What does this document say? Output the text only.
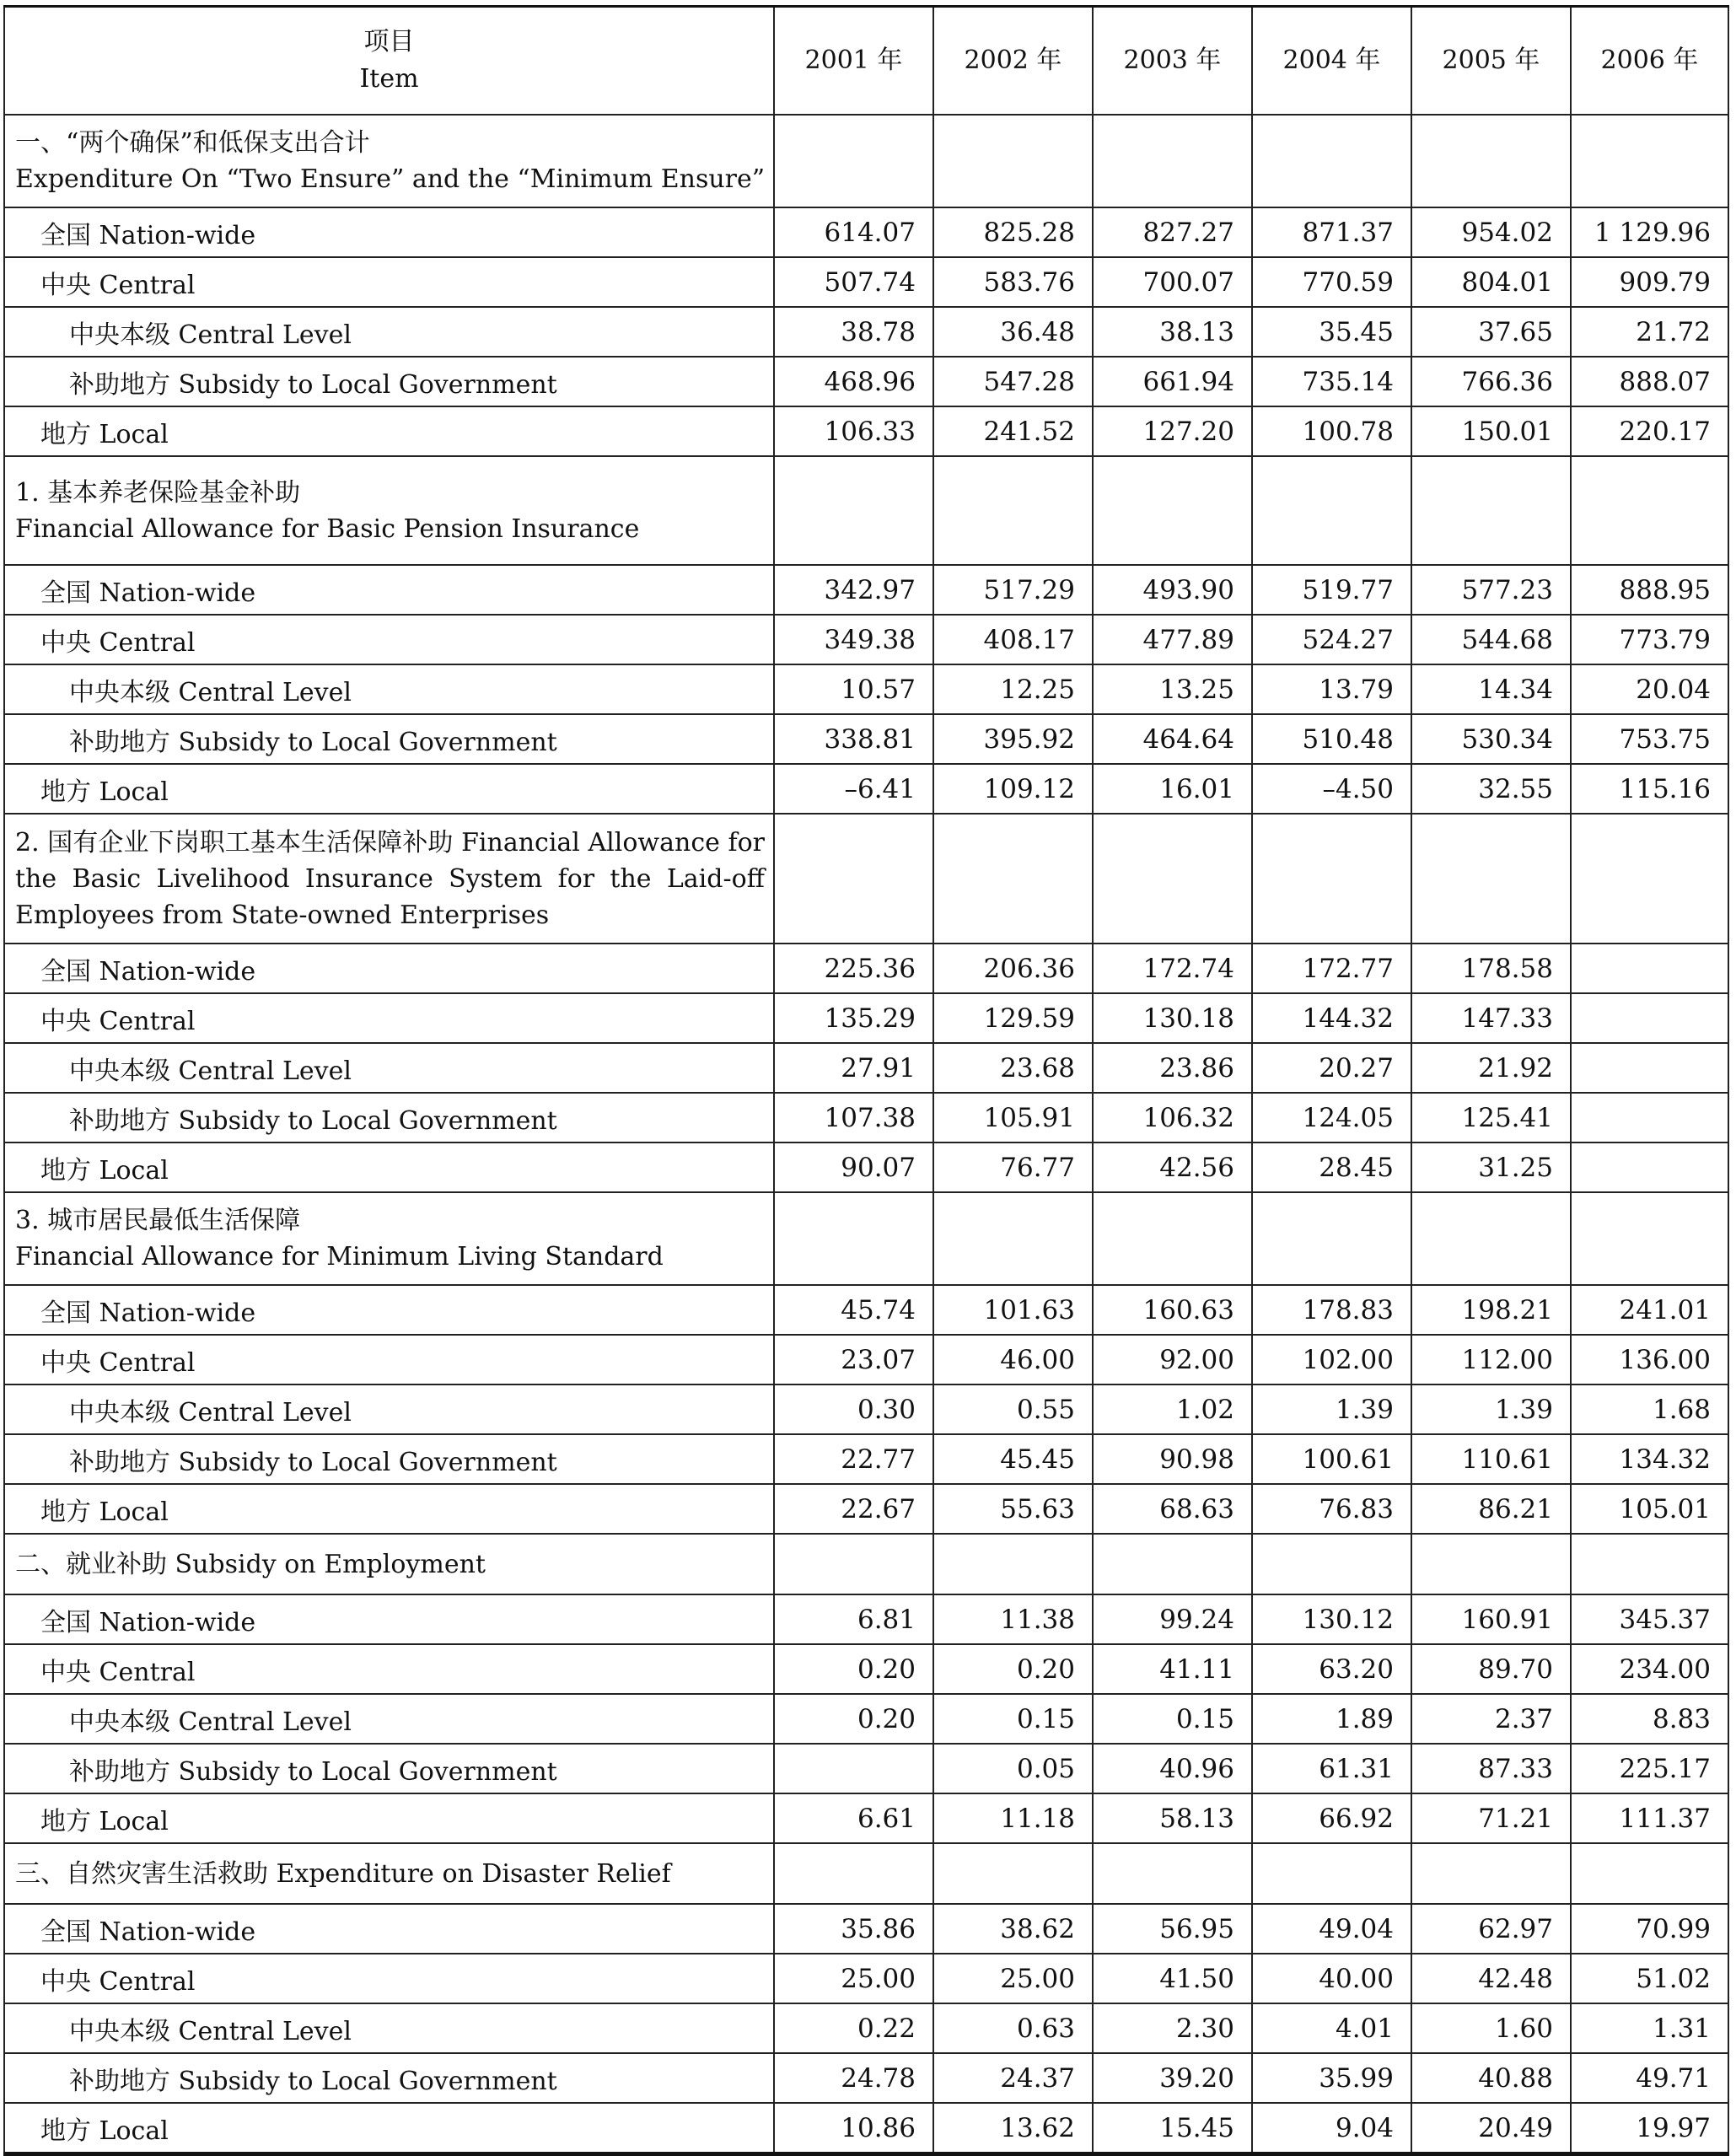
项目
Item	2001 年	2002 年	2003 年	2004 年	2005 年	2006 年

一、“两个确保”和低保支出合计
Expenditure On “Two Ensure” and the “Minimum Ensure”						

全国 Nation-wide	614.07	825.28	827.27	871.37	954.02	1 129.96
中央 Central	507.74	583.76	700.07	770.59	804.01	909.79
中央本级 Central Level	38.78	36.48	38.13	35.45	37.65	21.72
补助地方 Subsidy to Local Government	468.96	547.28	661.94	735.14	766.36	888.07
地方 Local	106.33	241.52	127.20	100.78	150.01	220.17

1. 基本养老保险基金补助
Financial Allowance for Basic Pension Insurance						

全国 Nation-wide	342.97	517.29	493.90	519.77	577.23	888.95
中央 Central	349.38	408.17	477.89	524.27	544.68	773.79
中央本级 Central Level	10.57	12.25	13.25	13.79	14.34	20.04
补助地方 Subsidy to Local Government	338.81	395.92	464.64	510.48	530.34	753.75
地方 Local	–6.41	109.12	16.01	–4.50	32.55	115.16

2. 国有企业下岗职工基本生活保障补助 Financial Allowance for the Basic Livelihood Insurance System for the Laid-off Employees from State-owned Enterprises						

全国 Nation-wide	225.36	206.36	172.74	172.77	178.58	
中央 Central	135.29	129.59	130.18	144.32	147.33	
中央本级 Central Level	27.91	23.68	23.86	20.27	21.92	
补助地方 Subsidy to Local Government	107.38	105.91	106.32	124.05	125.41	
地方 Local	90.07	76.77	42.56	28.45	31.25	

3. 城市居民最低生活保障
Financial Allowance for Minimum Living Standard						

全国 Nation-wide	45.74	101.63	160.63	178.83	198.21	241.01
中央 Central	23.07	46.00	92.00	102.00	112.00	136.00
中央本级 Central Level	0.30	0.55	1.02	1.39	1.39	1.68
补助地方 Subsidy to Local Government	22.77	45.45	90.98	100.61	110.61	134.32
地方 Local	22.67	55.63	68.63	76.83	86.21	105.01

二、就业补助 Subsidy on Employment						

全国 Nation-wide	6.81	11.38	99.24	130.12	160.91	345.37
中央 Central	0.20	0.20	41.11	63.20	89.70	234.00
中央本级 Central Level	0.20	0.15	0.15	1.89	2.37	8.83
补助地方 Subsidy to Local Government		0.05	40.96	61.31	87.33	225.17
地方 Local	6.61	11.18	58.13	66.92	71.21	111.37

三、自然灾害生活救助 Expenditure on Disaster Relief						

全国 Nation-wide	35.86	38.62	56.95	49.04	62.97	70.99
中央 Central	25.00	25.00	41.50	40.00	42.48	51.02
中央本级 Central Level	0.22	0.63	2.30	4.01	1.60	1.31
补助地方 Subsidy to Local Government	24.78	24.37	39.20	35.99	40.88	49.71
地方 Local	10.86	13.62	15.45	9.04	20.49	19.97
